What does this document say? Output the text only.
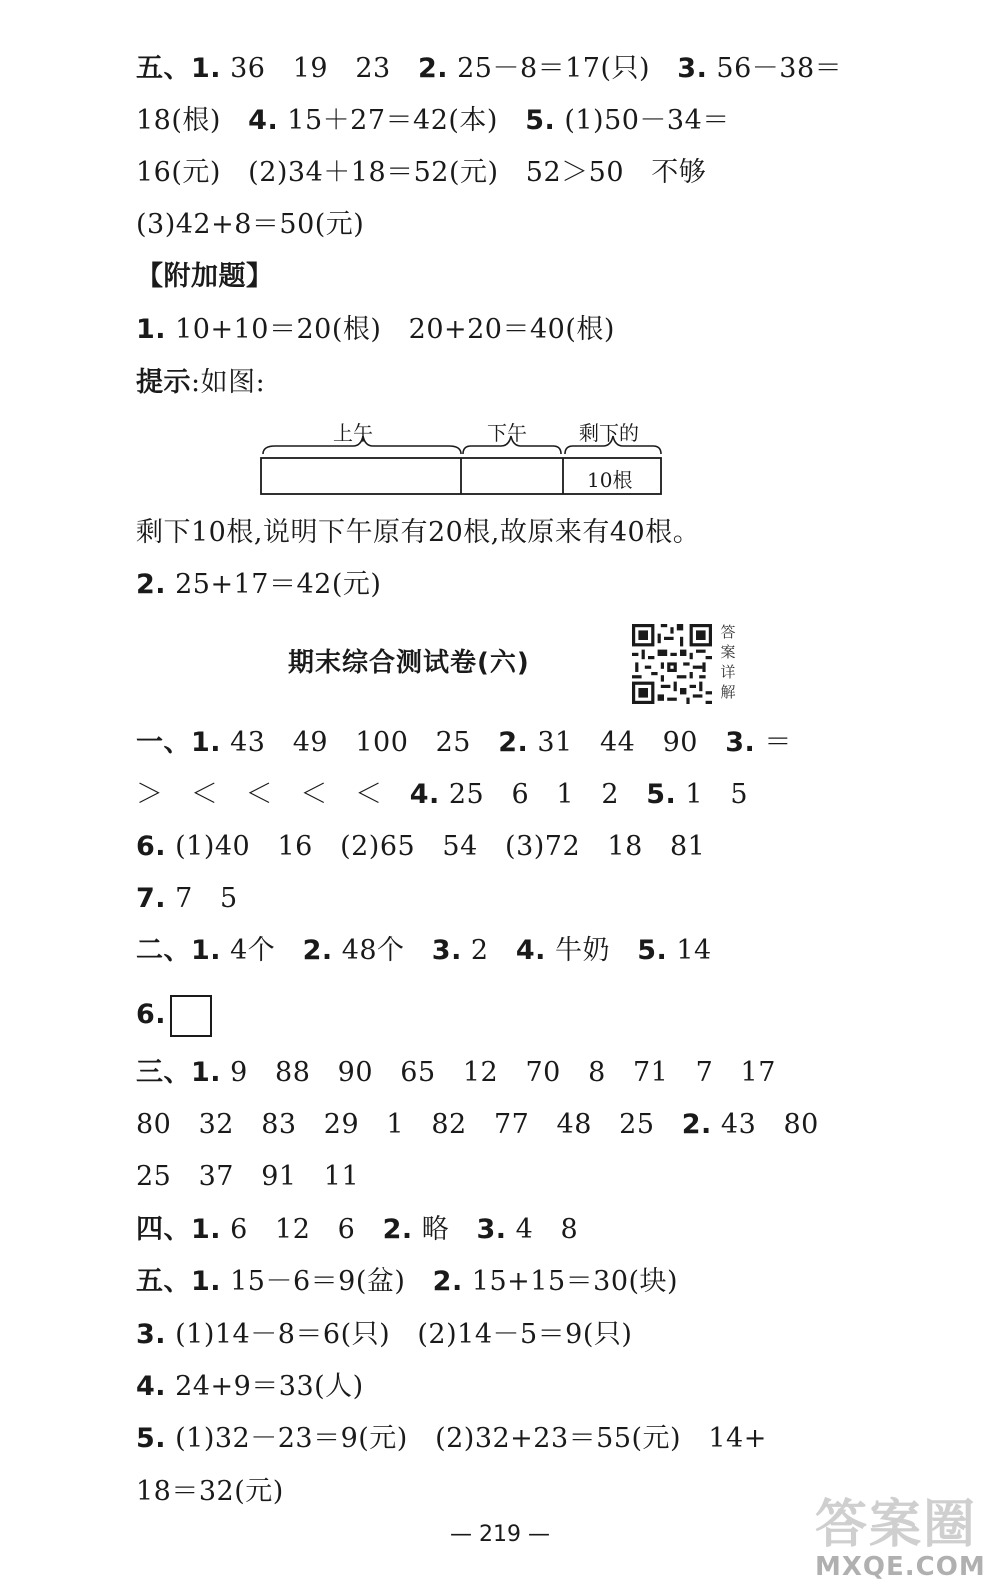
五、1. 36   19   23   2. 25－8＝17(只)   3. 56－38＝
18(根)   4. 15＋27＝42(本)   5. (1)50－34＝
16(元)   (2)34＋18＝52(元)   52＞50   不够
(3)42+8＝50(元)
【附加题】
1. 10+10＝20(根)   20+20＝40(根)
提示:如图:
上午	下午	剩下的
10根
剩下10根,说明下午原有20根,故原来有40根。
2. 25+17＝42(元)
期末综合测试卷(六)
答
案
详
解
一、1. 43   49   100   25   2. 31   44   90   3. ＝
＞   ＜   ＜   ＜   ＜   4. 25   6   1   2   5. 1   5
6. (1)40   16   (2)65   54   (3)72   18   81
7. 7   5
二、1. 4个   2. 48个   3. 2   4. 牛奶   5. 14
6.
三、1. 9   88   90   65   12   70   8   71   7   17
80   32   83   29   1   82   77   48   25   2. 43   80
25   37   91   11
四、1. 6   12   6   2. 略   3. 4   8
五、1. 15－6＝9(盆)   2. 15+15＝30(块)
3. (1)14－8＝6(只)   (2)14－5＝9(只)
4. 24+9＝33(人)
5. (1)32－23＝9(元)   (2)32+23＝55(元)   14+
18＝32(元)
— 219 —	答案圈
MXQE.COM
